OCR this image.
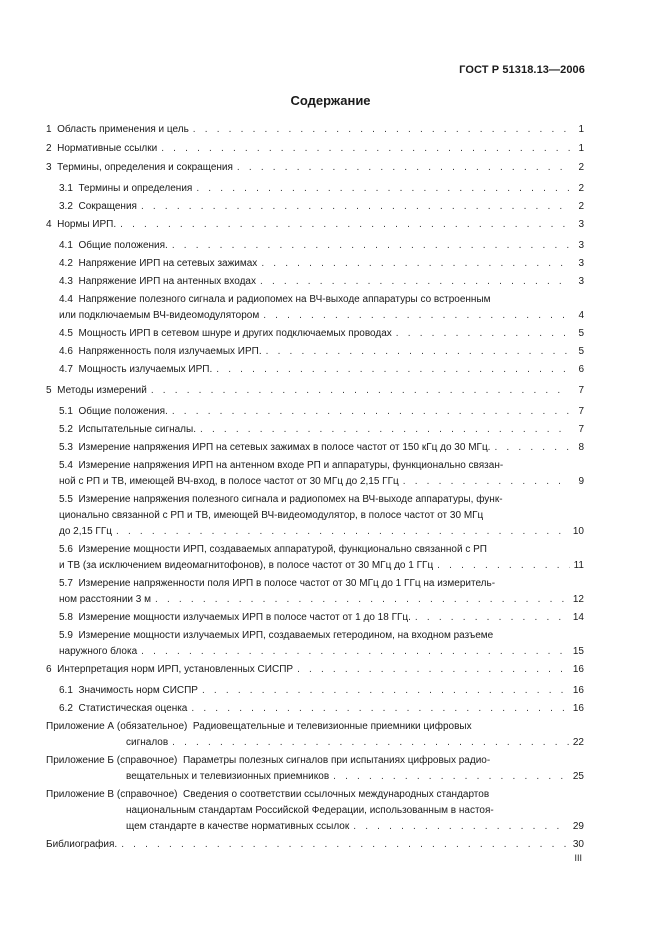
ГОСТ Р 51318.13—2006
Содержание
1
Область применения и цель . . .	1
2
Нормативные ссылки . . .	1
3
Термины, определения и сокращения . . .	2
3.1
Термины и определения . . .	2
3.2
Сокращения . . .	2
4
Нормы ИРП. . . .	3
4.1
Общие положения. . . .	3
4.2
Напряжение ИРП на сетевых зажимах . . .	3
4.3
Напряжение ИРП на антенных входах . . .	3
4.4
Напряжение полезного сигнала и радиопомех на ВЧ-выходе аппаратуры со встроенным
или подключаемым ВЧ-видеомодулятором . . .	4
4.5
Мощность ИРП в сетевом шнуре и других подключаемых проводах . . .	5
4.6
Напряженность поля излучаемых ИРП. . . .	5
4.7
Мощность излучаемых ИРП. . . .	6
5
Методы измерений . . .	7
5.1
Общие положения. . . .	7
5.2
Испытательные сигналы. . . .	7
5.3
Измерение напряжения ИРП на сетевых зажимах в полосе частот от 150 кГц до 30 МГц. . . .	8
5.4
Измерение напряжения ИРП на антенном входе РП и аппаратуры, функционально связан-
ной с РП и ТВ, имеющей ВЧ-вход, в полосе частот от 30 МГц до 2,15 ГГц . . .	9
5.5
Измерение напряжения полезного сигнала и радиопомех на ВЧ-выходе аппаратуры, функ-
ционально связанной с РП и ТВ, имеющей ВЧ-видеомодулятор, в полосе частот от 30 МГц
до 2,15 ГГц . . .	10
5.6
Измерение мощности ИРП, создаваемых аппаратурой, функционально связанной с РП
и ТВ (за исключением видеомагнитофонов), в полосе частот от 30 МГц до 1 ГГц . . .	11
5.7
Измерение напряженности поля ИРП в полосе частот от 30 МГц до 1 ГГц на измеритель-
ном расстоянии 3 м . . .	12
5.8
Измерение мощности излучаемых ИРП в полосе частот от 1 до 18 ГГц. . . .	14
5.9
Измерение мощности излучаемых ИРП, создаваемых гетеродином, на входном разъеме
наружного блока . . .	15
6
Интерпретация норм ИРП, установленных СИСПР . . .	16
6.1
Значимость норм СИСПР . . .	16
6.2
Статистическая оценка . . .	16
Приложение А (обязательное)
Радиовещательные и телевизионные приемники цифровых
сигналов . . .	22
Приложение Б (справочное)
Параметры полезных сигналов при испытаниях цифровых радио-
вещательных и телевизионных приемников . . .	25
Приложение В (справочное)
Сведения о соответствии ссылочных международных стандартов
национальным стандартам Российской Федерации, использованным в настоя-
щем стандарте в качестве нормативных ссылок . . .	29
Библиография. . . .	30
III
